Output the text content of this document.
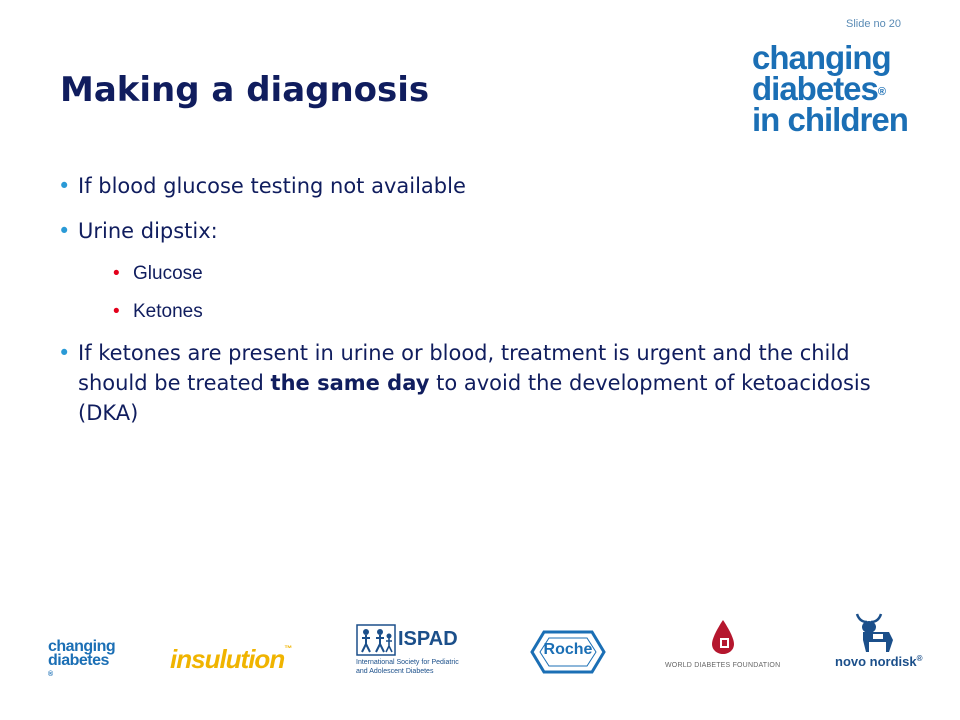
Slide no 20
changing
diabetes®
in children
Making a diagnosis

• If blood glucose testing not available

• Urine dipstix:

• Glucose

• Ketones

• If ketones are present in urine or blood, treatment is urgent and the child should be treated the same day to avoid the development of ketoacidosis (DKA)

changing
diabetes
®
insulution™	ISPAD
International Society for Pediatric
and Adolescent Diabetes
Roche
WORLD DIABETES FOUNDATION	novo nordisk®
